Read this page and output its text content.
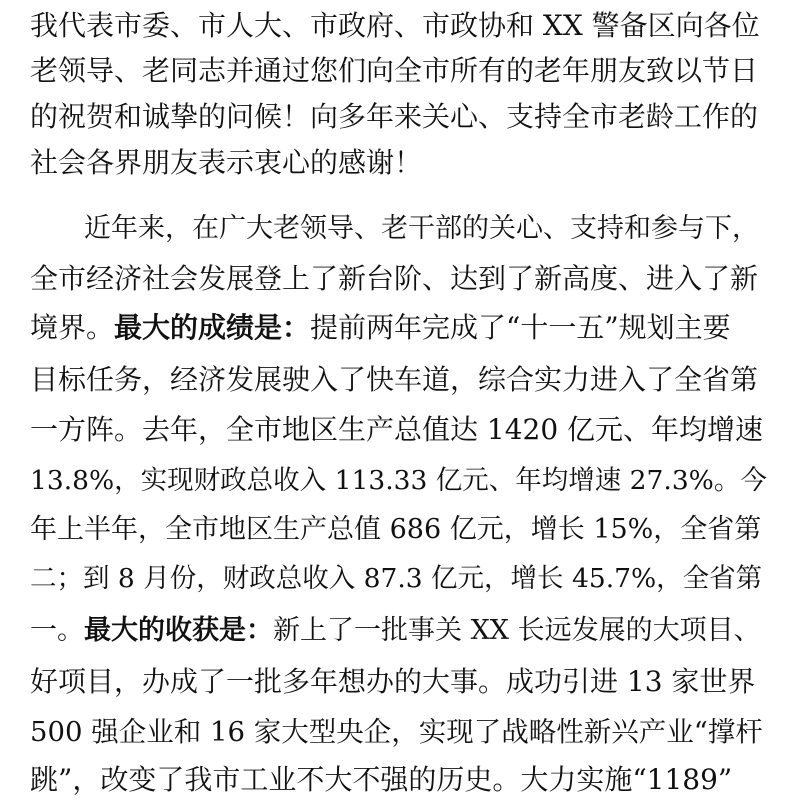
我代表市委、市人大、市政府、市政协和 XX 警备区向各位
老领导、老同志并通过您们向全市所有的老年朋友致以节日
的祝贺和诚挚的问候！向多年来关心、支持全市老龄工作的
社会各界朋友表示衷心的感谢！
　　近年来，在广大老领导、老干部的关心、支持和参与下，
全市经济社会发展登上了新台阶、达到了新高度、进入了新
境界。 最大的成绩是： 提前两年完成了“十一五”规划主要
目标任务，经济发展驶入了快车道，综合实力进入了全省第
一方阵。去年，全市地区生产总值达 1420 亿元、年均增速
13.8%，实现财政总收入 113.33 亿元、年均增速 27.3%。今
年上半年，全市地区生产总值 686 亿元，增长 15%，全省第
二；到 8 月份，财政总收入 87.3 亿元，增长 45.7%，全省第
一。 最大的收获是： 新上了一批事关 XX 长远发展的大项目、
好项目，办成了一批多年想办的大事。成功引进 13 家世界
500 强企业和 16 家大型央企，实现了战略性新兴产业“撑杆
跳”，改变了我市工业不大不强的历史。大力实施“1189”
